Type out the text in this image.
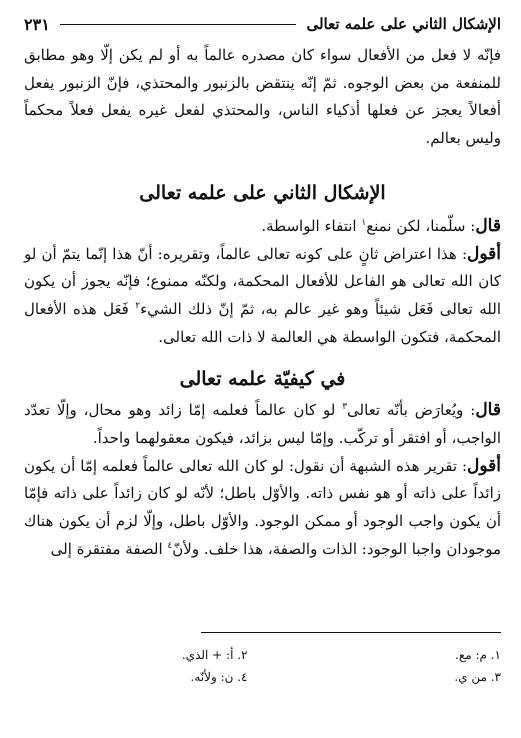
الإشكال الثاني على علمه تعالى
٢٣١

فإنّه لا فعل من الأفعال سواء كان مصدره عالماً به أو لم يكن إلّا وهو مطابق للمنفعة من بعض الوجوه. ثمّ إنّه ينتقض بالزنبور والمحتذي، فإنّ الزنبور يفعل أفعالاً يعجز عن فعلها أذكياء الناس، والمحتذي لفعل غيره يفعل فعلاً محكماً وليس بعالم.

الإشكال الثاني على علمه تعالى

قال: سلّمنا، لكن نمنع$^١$ انتفاء الواسطة.

أقول: هذا اعتراض ثانٍ على كونه تعالى عالماً، وتقريره: أنّ هذا إنّما يتمّ أن لو كان الله تعالى هو الفاعل للأفعال المحكمة، ولكنّه ممنوع؛ فإنّه يجوز أن يكون الله تعالى فَعَل شيئاً وهو غير عالم به، ثمّ إنّ ذلك الشيء$^٢$ فَعَل هذه الأفعال المحكمة، فتكون الواسطة هي العالمة لا ذات الله تعالى.

في كيفيّة علمه تعالى

قال: ويُعارَض بأنّه تعالى$^٣$ لو كان عالماً فعلمه إمّا زائد وهو محال، وإلّا تعدّد الواجب، أو افتقر أو تركّب. وإمّا ليس بزائد، فيكون معقولهما واحداً.

أقول: تقرير هذه الشبهة أن نقول: لو كان الله تعالى عالماً فعلمه إمّا أن يكون زائداً على ذاته أو هو نفس ذاته. والأوّل باطل؛ لأنّه لو كان زائداً على ذاته فإمّا أن يكون واجب الوجود أو ممكن الوجود. والأوّل باطل، وإلّا لزم أن يكون هناك موجودان واجبا الوجود: الذات والصفة، هذا خلف. ولأنّ$^٤$ الصفة مفتقرة إلى

١. م: مع.
٢. أ: + الذي.
٣. من ي.
٤. ن: ولأنّه.
